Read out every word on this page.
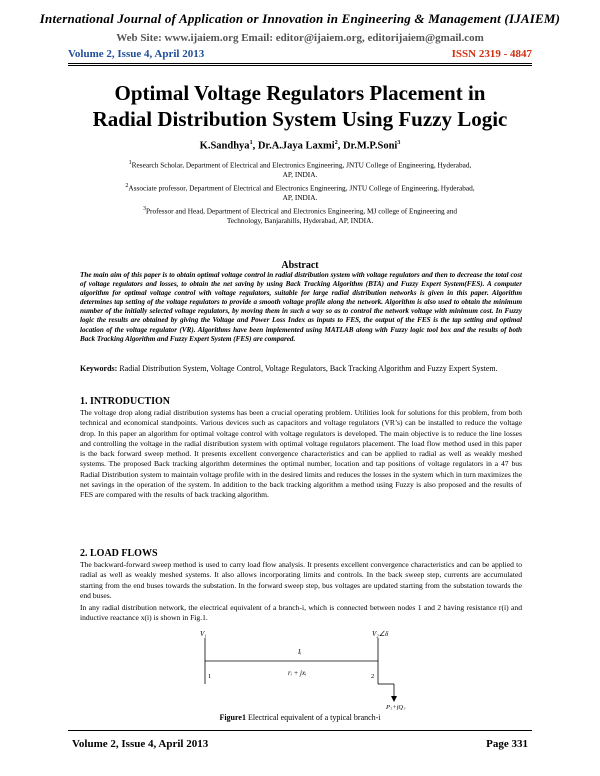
International Journal of Application or Innovation in Engineering & Management (IJAIEM)
Web Site: www.ijaiem.org Email: editor@ijaiem.org, editorijaiem@gmail.com
Volume 2, Issue 4, April 2013	ISSN 2319 - 4847
Optimal Voltage Regulators Placement in
Radial Distribution System Using Fuzzy Logic
K.Sandhya$^1$, Dr.A.Jaya Laxmi$^2$, Dr.M.P.Soni$^3$
$^1$Research Scholar, Department of Electrical and Electronics Engineering, JNTU College of Engineering, Hyderabad,
AP, INDIA.
$^2$Associate professor, Department of Electrical and Electronics Engineering, JNTU College of Engineering, Hyderabad,
AP, INDIA.
$^3$Professor and Head, Department of Electrical and Electronics Engineering, MJ college of Engineering and
Technology, Banjarahills, Hyderabad, AP, INDIA.
Abstract
The main aim of this paper is to obtain optimal voltage control in radial distribution system with voltage regulators and then to decrease the total cost of voltage regulators and losses, to obtain the net saving by using Back Tracking Algorithm (BTA) and Fuzzy Expert System(FES). A computer algorithm for optimal voltage control with voltage regulators, suitable for large radial distribution networks is given in this paper. Algorithm determines tap setting of the voltage regulators to provide a smooth voltage profile along the network. Algorithm is also used to obtain the minimum number of the initially selected voltage regulators, by moving them in such a way so as to control the network voltage with minimum cost. In Fuzzy logic the results are obtained by giving the Voltage and Power Loss Index as inputs to FES, the output of the FES is the tap setting and optimal location of the voltage regulator (VR). Algorithms have been implemented using MATLAB along with Fuzzy logic tool box and the results of both Back Tracking Algorithm and Fuzzy Expert System (FES) are compared.
Keywords: Radial Distribution System, Voltage Control, Voltage Regulators, Back Tracking Algorithm and Fuzzy Expert System.
1. INTRODUCTION
The voltage drop along radial distribution systems has been a crucial operating problem. Utilities look for solutions for this problem, from both technical and economical standpoints. Various devices such as capacitors and voltage regulators (VR’s) can be installed to reduce the voltage drop. In this paper an algorithm for optimal voltage control with voltage regulators is developed. The main objective is to reduce the line losses and controlling the voltage in the radial distribution system with optimal voltage regulators placement. The load flow method used in this paper is the back forward sweep method. It presents excellent convergence characteristics and can be applied to radial as well as weakly meshed systems. The proposed Back tracking algorithm determines the optimal number, location and tap positions of voltage regulators in a 47 bus Radial Distribution system to maintain voltage profile with in the desired limits and reduces the losses in the system which in turn maximizes the net savings in the operation of the system. In addition to the back tracking algorithm a method using Fuzzy is also proposed and the results of FES are compared with the results of back tracking algorithm.
2. LOAD FLOWS
The backward-forward sweep method is used to carry load flow analysis. It presents excellent convergence characteristics and can be applied to radial as well as weakly meshed systems. It also allows incorporating limits and controls. In the back sweep step, currents are accumulated starting from the end buses towards the substation. In the forward sweep step, bus voltages are updated starting from the substation towards the end buses.
In any radial distribution network, the electrical equivalent of a branch-i, which is connected between nodes 1 and 2 having resistance r(i) and inductive reactance x(i) is shown in Fig.1.
V₁	V₂∠δ
Iᵢ
rᵢ + jxᵢ
1	2
P₂+jQ₂
Figure1 Electrical equivalent of a typical branch-i
Volume 2, Issue 4, April 2013	Page 331
